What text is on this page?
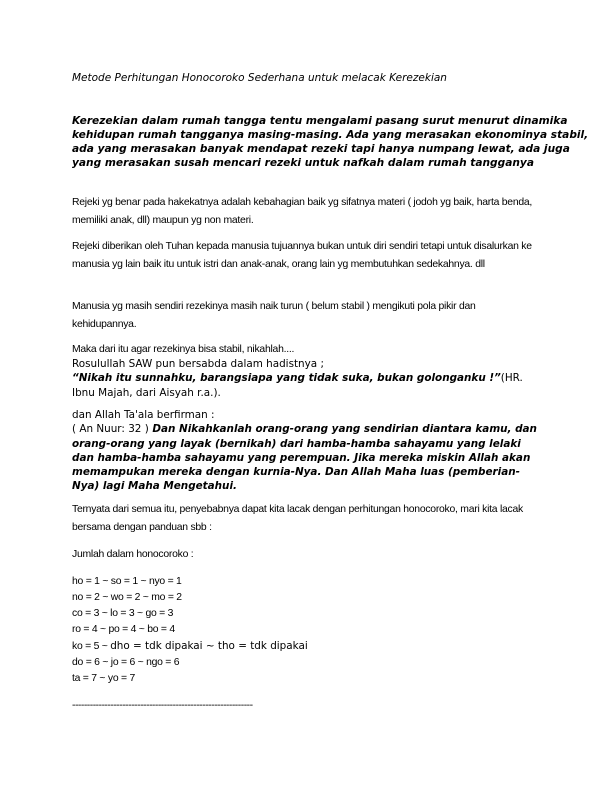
Metode Perhitungan Honocoroko Sederhana untuk melacak Kerezekian

Kerezekian dalam rumah tangga tentu mengalami pasang surut menurut dinamika kehidupan rumah tangganya masing-masing. Ada yang merasakan ekonominya stabil, ada yang merasakan banyak mendapat rezeki tapi hanya numpang lewat, ada juga yang merasakan susah mencari rezeki untuk nafkah dalam rumah tangganya

Rejeki yg benar pada hakekatnya adalah kebahagian baik yg sifatnya materi ( jodoh yg baik, harta benda, memiliki anak, dll) maupun yg non materi.

Rejeki diberikan oleh Tuhan kepada manusia tujuannya bukan untuk diri sendiri tetapi untuk disalurkan ke manusia yg lain baik itu untuk istri dan anak-anak, orang lain yg membutuhkan sedekahnya. dll

Manusia yg masih sendiri rezekinya masih naik turun ( belum stabil ) mengikuti pola pikir dan kehidupannya.

Maka dari itu agar rezekinya bisa stabil, nikahlah....
Rosulullah SAW pun bersabda dalam hadistnya ;
“Nikah itu sunnahku, barangsiapa yang tidak suka, bukan golonganku !”(HR.
Ibnu Majah, dari Aisyah r.a.).
dan Allah Ta'ala berfirman :
( An Nuur: 32 ) Dan Nikahkanlah orang-orang yang sendirian diantara kamu, dan
orang-orang yang layak (bernikah) dari hamba-hamba sahayamu yang lelaki
dan hamba-hamba sahayamu yang perempuan. Jika mereka miskin Allah akan
memampukan mereka dengan kurnia-Nya. Dan Allah Maha luas (pemberian-
Nya) lagi Maha Mengetahui.

Ternyata dari semua itu, penyebabnya dapat kita lacak dengan perhitungan honocoroko, mari kita lacak bersama dengan panduan sbb :

Jumlah dalam honocoroko :

ho = 1 ~ so = 1 ~ nyo = 1
no = 2 ~ wo = 2 ~ mo = 2
co = 3 ~ lo = 3 ~ go = 3
ro = 4 ~ po = 4 ~ bo = 4
ko = 5 ~ dho = tdk dipakai ~ tho = tdk dipakai
do = 6 ~ jo = 6 ~ ngo = 6
ta = 7 ~ yo = 7

-------------------------------------------------------------
